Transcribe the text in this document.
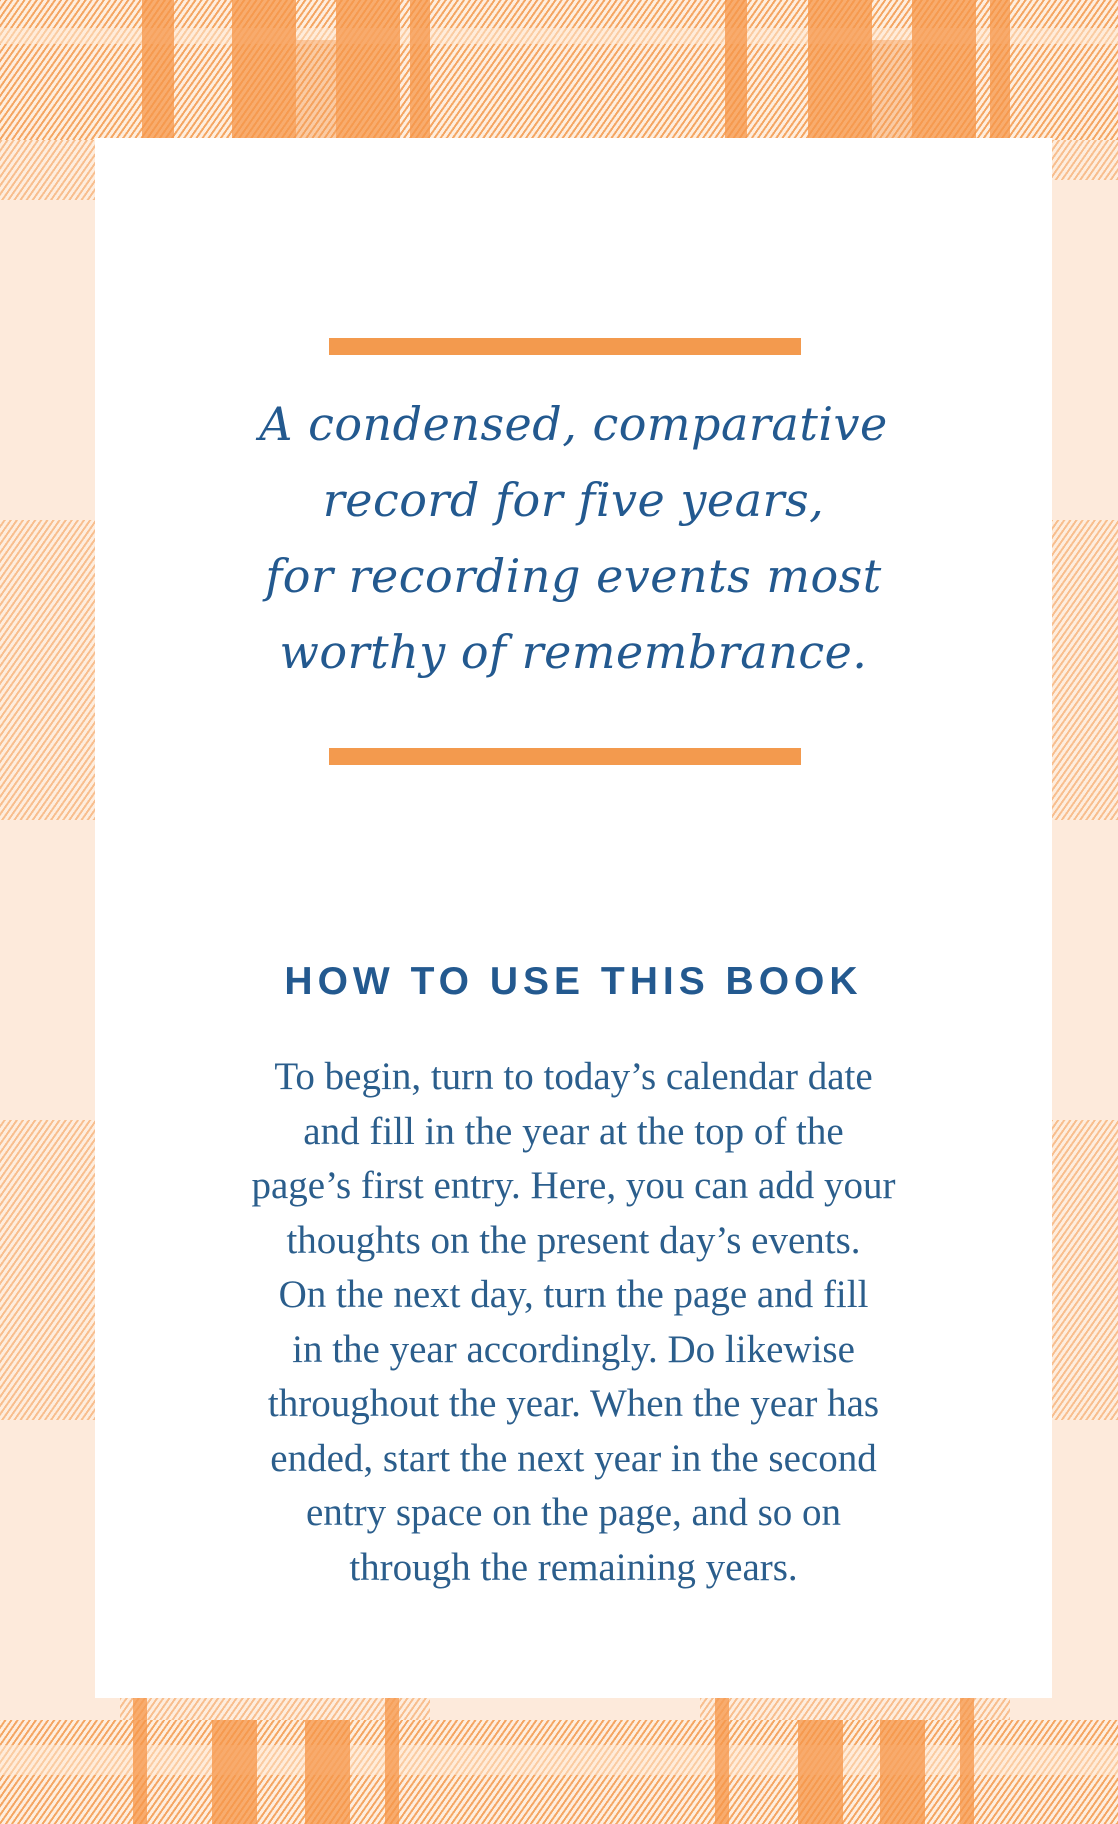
A condensed, comparative
record for five years,
for recording events most
worthy of remembrance.
HOW TO USE THIS BOOK
To begin, turn to today’s calendar date
and fill in the year at the top of the
page’s first entry. Here, you can add your
thoughts on the present day’s events.
On the next day, turn the page and fill
in the year accordingly. Do likewise
throughout the year. When the year has
ended, start the next year in the second
entry space on the page, and so on
through the remaining years.
